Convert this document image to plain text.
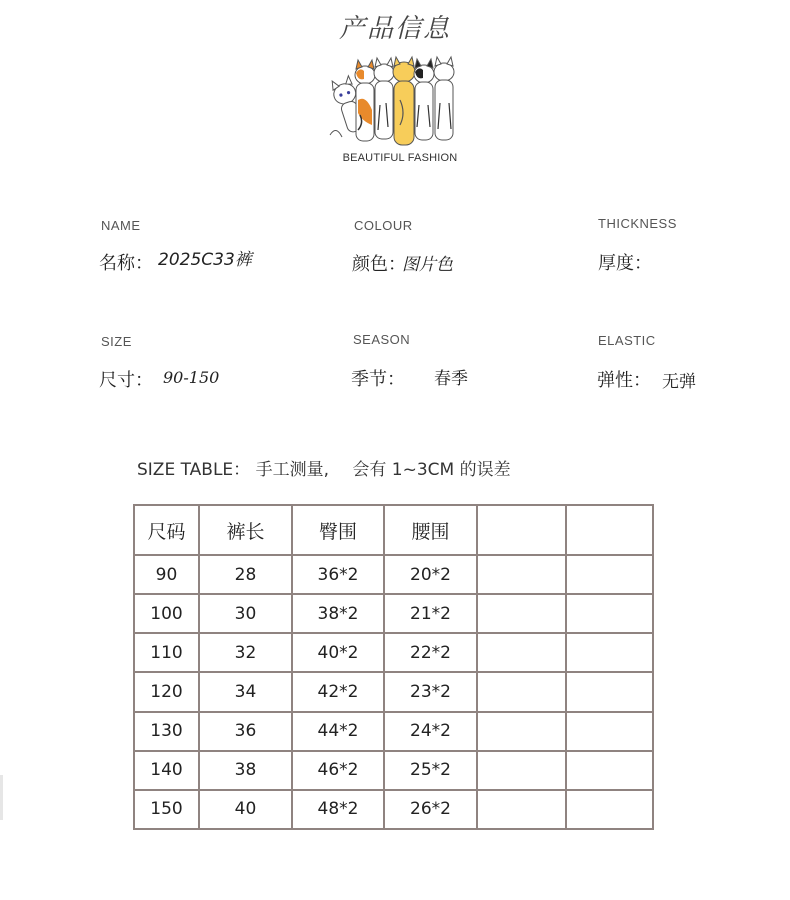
产品信息
BEAUTIFUL FASHION
NAME
名称： 2025C33裤
COLOUR
颜色：
图片色
THICKNESS
厚度：
SIZE
尺寸： 90-150
SEASON
季节： 春季
ELASTIC
弹性： 无弹
SIZE TABLE： 手工测量, 会有 1~3CM 的误差
尺码	裤长	臀围	腰围		
90	28	36*2	20*2		
100	30	38*2	21*2		
110	32	40*2	22*2		
120	34	42*2	23*2		
130	36	44*2	24*2		
140	38	46*2	25*2		
150	40	48*2	26*2		
